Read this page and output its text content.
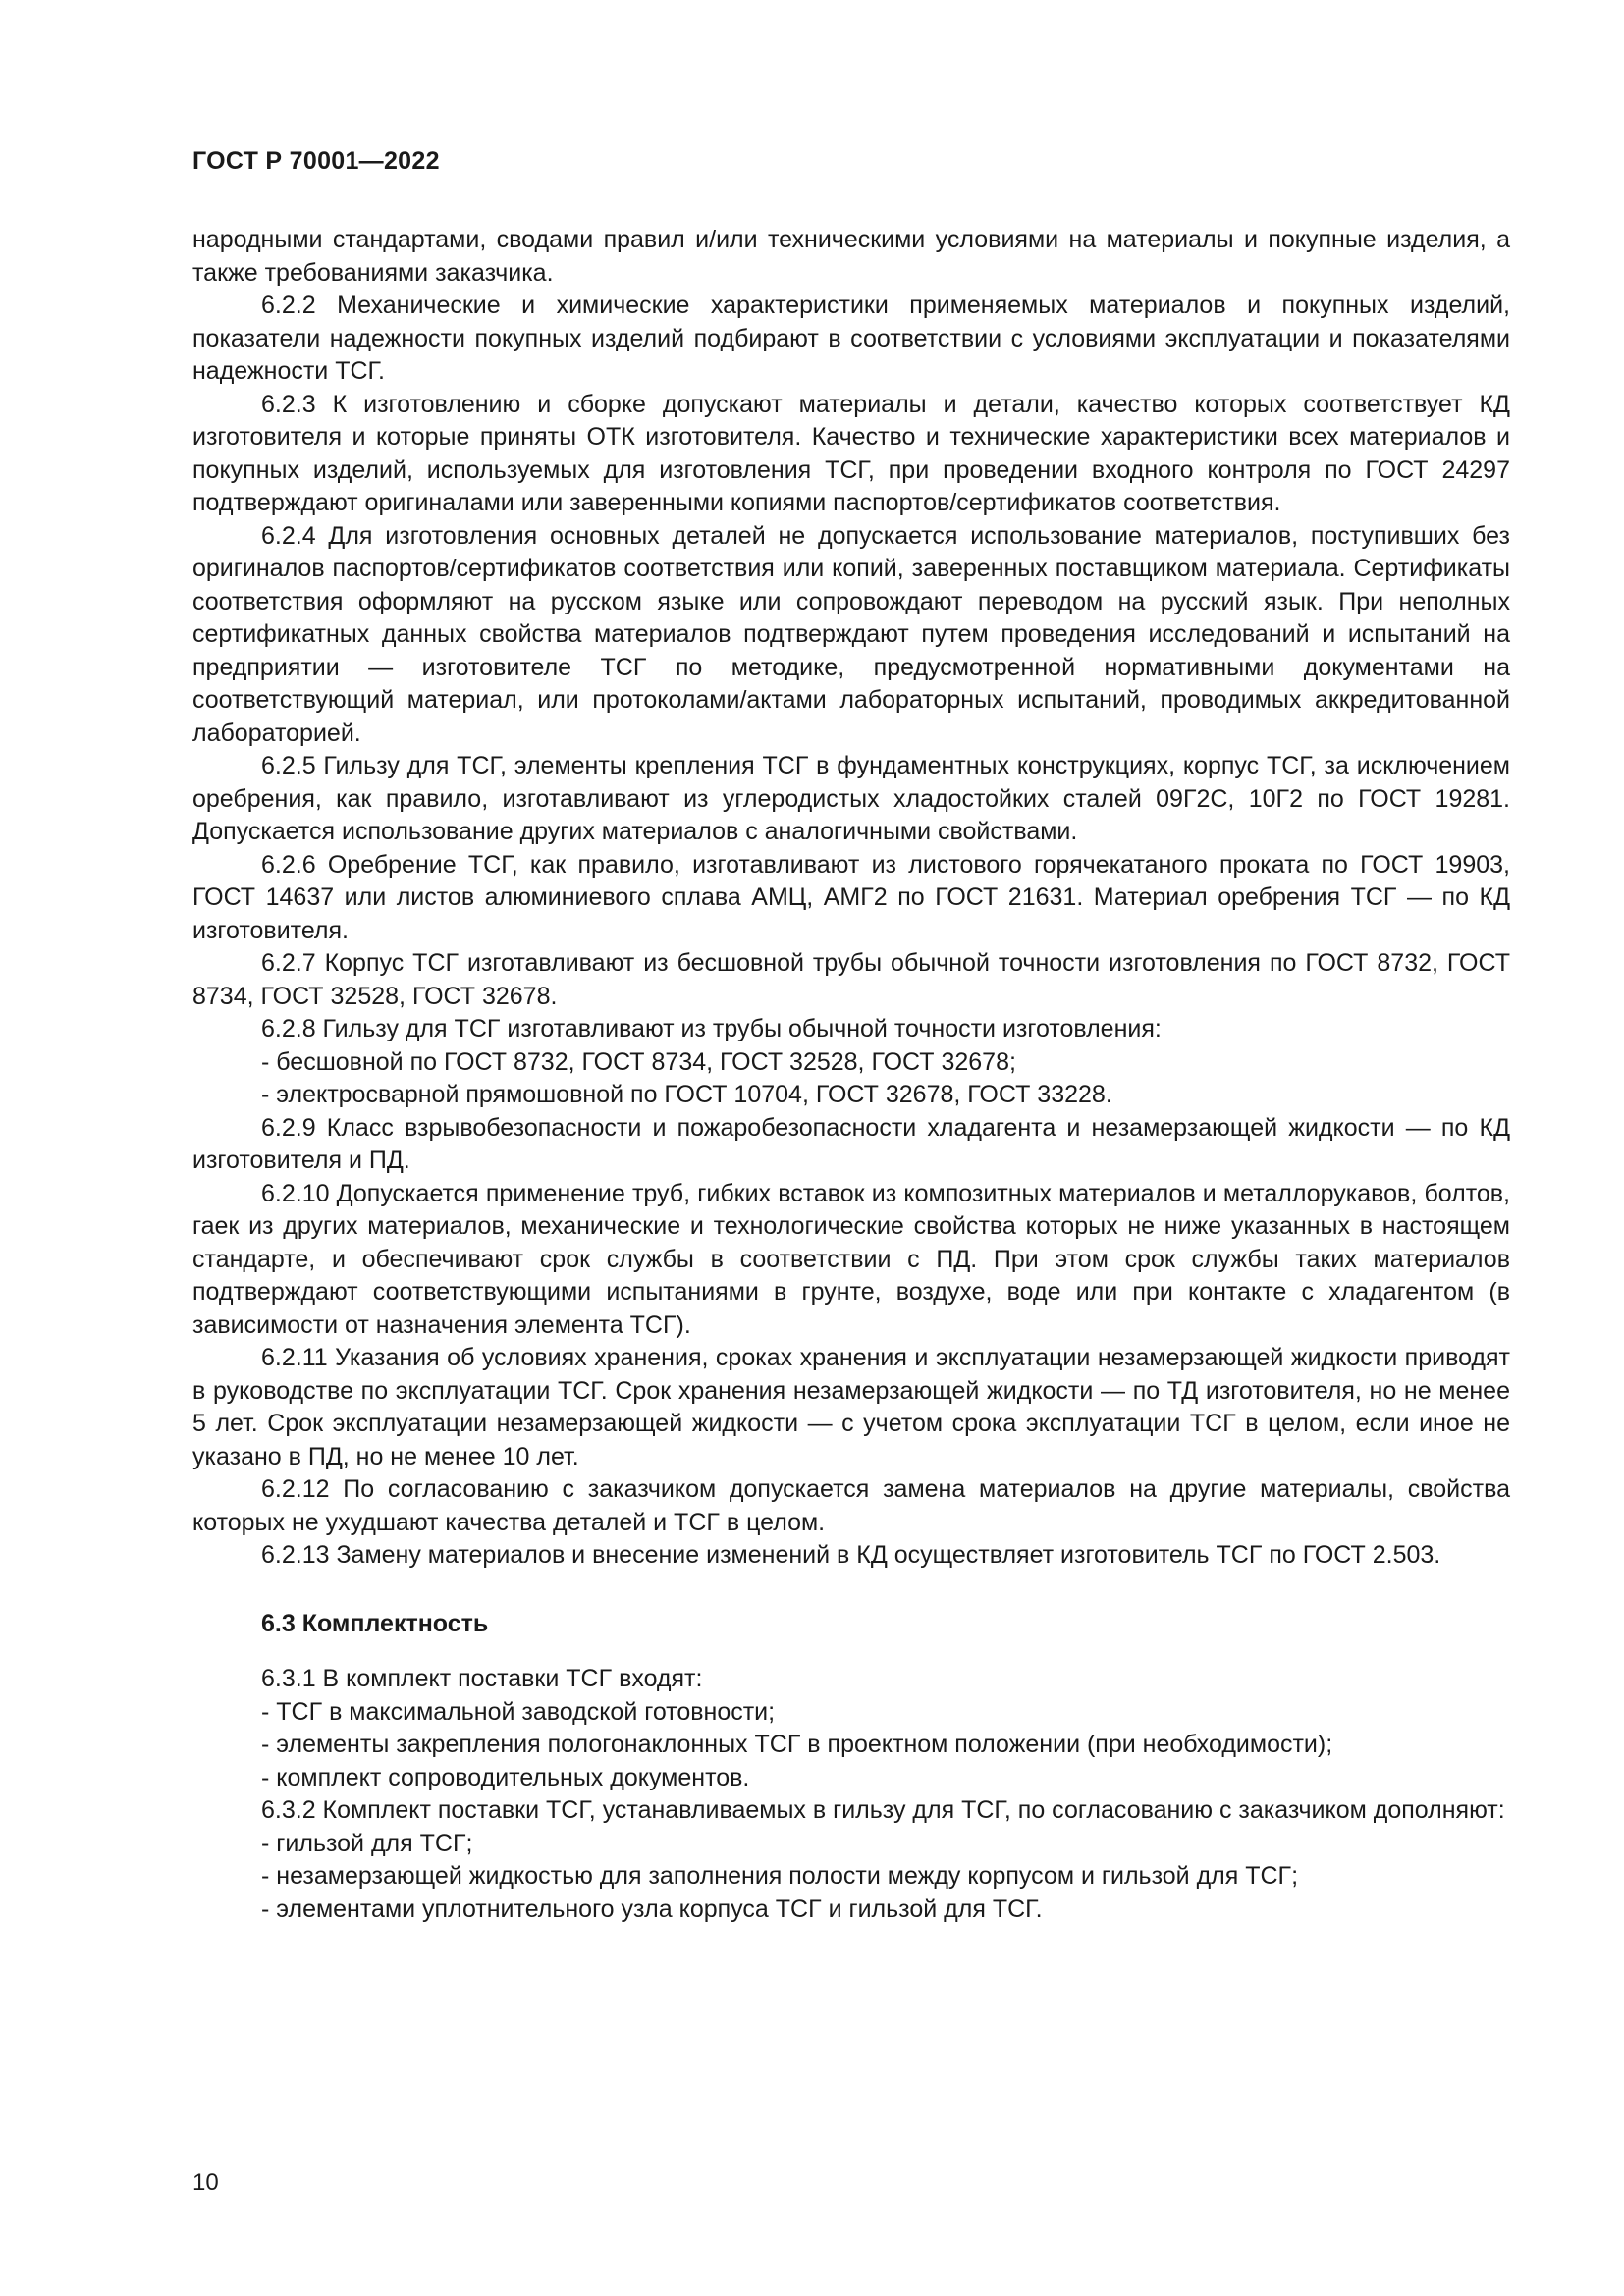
ГОСТ Р 70001—2022

народными стандартами, сводами правил и/или техническими условиями на материалы и покупные изделия, а также требованиями заказчика.

6.2.2 Механические и химические характеристики применяемых материалов и покупных изделий, показатели надежности покупных изделий подбирают в соответствии с условиями эксплуатации и показателями надежности ТСГ.

6.2.3 К изготовлению и сборке допускают материалы и детали, качество которых соответствует КД изготовителя и которые приняты ОТК изготовителя. Качество и технические характеристики всех материалов и покупных изделий, используемых для изготовления ТСГ, при проведении входного контроля по ГОСТ 24297 подтверждают оригиналами или заверенными копиями паспортов/сертификатов соответствия.

6.2.4 Для изготовления основных деталей не допускается использование материалов, поступивших без оригиналов паспортов/сертификатов соответствия или копий, заверенных поставщиком материала. Сертификаты соответствия оформляют на русском языке или сопровождают переводом на русский язык. При неполных сертификатных данных свойства материалов подтверждают путем проведения исследований и испытаний на предприятии — изготовителе ТСГ по методике, предусмотренной нормативными документами на соответствующий материал, или протоколами/актами лабораторных испытаний, проводимых аккредитованной лабораторией.

6.2.5 Гильзу для ТСГ, элементы крепления ТСГ в фундаментных конструкциях, корпус ТСГ, за исключением оребрения, как правило, изготавливают из углеродистых хладостойких сталей 09Г2С, 10Г2 по ГОСТ 19281. Допускается использование других материалов с аналогичными свойствами.

6.2.6 Оребрение ТСГ, как правило, изготавливают из листового горячекатаного проката по ГОСТ 19903, ГОСТ 14637 или листов алюминиевого сплава АМЦ, АМГ2 по ГОСТ 21631. Материал оребрения ТСГ — по КД изготовителя.

6.2.7 Корпус ТСГ изготавливают из бесшовной трубы обычной точности изготовления по ГОСТ 8732, ГОСТ 8734, ГОСТ 32528, ГОСТ 32678.

6.2.8 Гильзу для ТСГ изготавливают из трубы обычной точности изготовления:

- бесшовной по ГОСТ 8732, ГОСТ 8734, ГОСТ 32528, ГОСТ 32678;

- электросварной прямошовной по ГОСТ 10704, ГОСТ 32678, ГОСТ 33228.

6.2.9 Класс взрывобезопасности и пожаробезопасности хладагента и незамерзающей жидкости — по КД изготовителя и ПД.

6.2.10 Допускается применение труб, гибких вставок из композитных материалов и металлорукавов, болтов, гаек из других материалов, механические и технологические свойства которых не ниже указанных в настоящем стандарте, и обеспечивают срок службы в соответствии с ПД. При этом срок службы таких материалов подтверждают соответствующими испытаниями в грунте, воздухе, воде или при контакте с хладагентом (в зависимости от назначения элемента ТСГ).

6.2.11 Указания об условиях хранения, сроках хранения и эксплуатации незамерзающей жидкости приводят в руководстве по эксплуатации ТСГ. Срок хранения незамерзающей жидкости — по ТД изготовителя, но не менее 5 лет. Срок эксплуатации незамерзающей жидкости — с учетом срока эксплуатации ТСГ в целом, если иное не указано в ПД, но не менее 10 лет.

6.2.12 По согласованию с заказчиком допускается замена материалов на другие материалы, свойства которых не ухудшают качества деталей и ТСГ в целом.

6.2.13 Замену материалов и внесение изменений в КД осуществляет изготовитель ТСГ по ГОСТ 2.503.

6.3 Комплектность

6.3.1 В комплект поставки ТСГ входят:

- ТСГ в максимальной заводской готовности;

- элементы закрепления пологонаклонных ТСГ в проектном положении (при необходимости);

- комплект сопроводительных документов.

6.3.2 Комплект поставки ТСГ, устанавливаемых в гильзу для ТСГ, по согласованию с заказчиком дополняют:

- гильзой для ТСГ;

- незамерзающей жидкостью для заполнения полости между корпусом и гильзой для ТСГ;

- элементами уплотнительного узла корпуса ТСГ и гильзой для ТСГ.

10
